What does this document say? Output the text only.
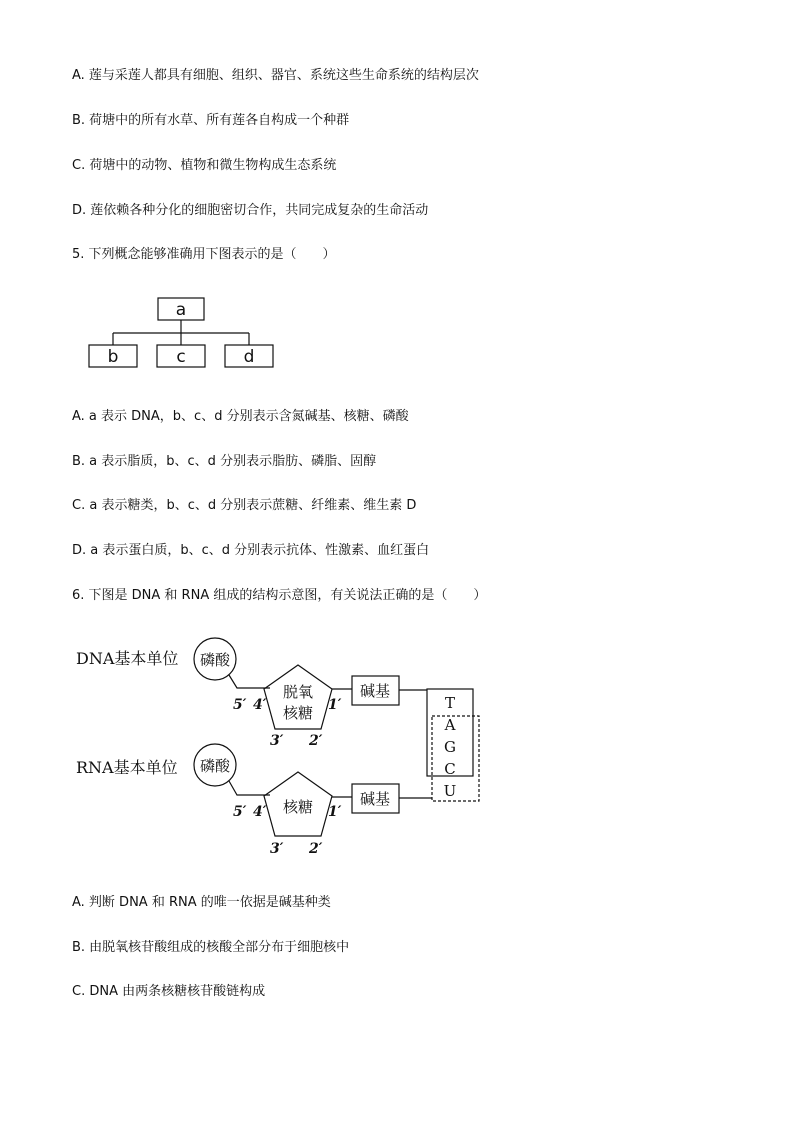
A. 莲与采莲人都具有细胞、组织、器官、系统这些生命系统的结构层次
B. 荷塘中的所有水草、所有莲各自构成一个种群
C. 荷塘中的动物、植物和微生物构成生态系统
D. 莲依赖各种分化的细胞密切合作，共同完成复杂的生命活动
5. 下列概念能够准确用下图表示的是（　　）
a
b	c	d
DNA基本单位 磷酸
脱氧
核糖
碱基
5′ 4′	1′
3′ 2′
RNA基本单位 磷酸
核糖	碱基
5′ 4′	1′
3′ 2′
T
A
G
C
U
A. a 表示 DNA，b、c、d 分别表示含氮碱基、核糖、磷酸
B. a 表示脂质，b、c、d 分别表示脂肪、磷脂、固醇
C. a 表示糖类，b、c、d 分别表示蔗糖、纤维素、维生素 D
D. a 表示蛋白质，b、c、d 分别表示抗体、性激素、血红蛋白
6. 下图是 DNA 和 RNA 组成的结构示意图，有关说法正确的是（　　）
A. 判断 DNA 和 RNA 的唯一依据是碱基种类
B. 由脱氧核苷酸组成的核酸全部分布于细胞核中
C. DNA 由两条核糖核苷酸链构成
